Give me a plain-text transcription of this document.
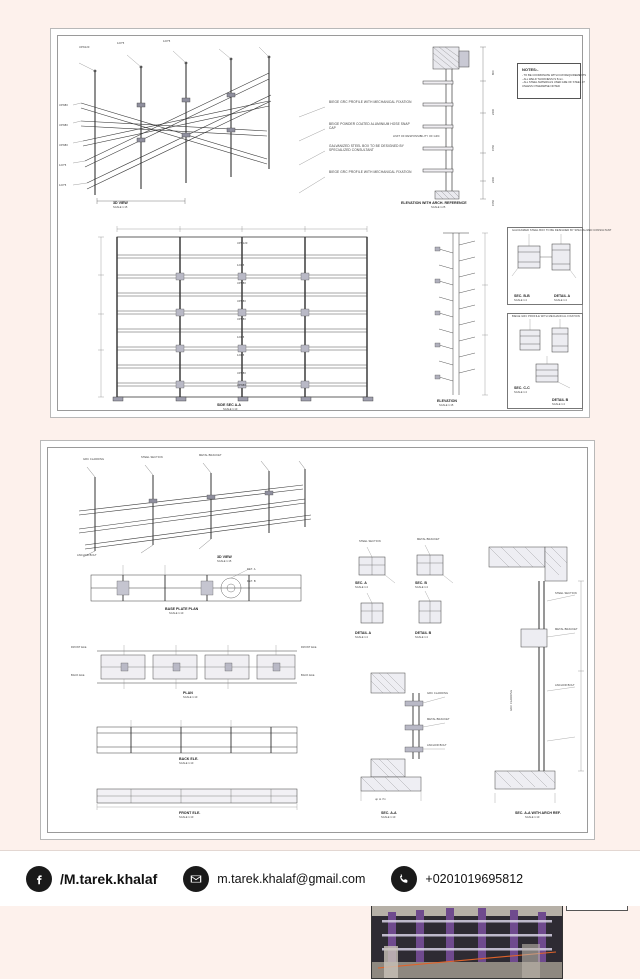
UPN120
120*5
120*5
UPN80
UPN80
UPN80
120*5
120*5
3D VIEW
SCALE 1:15
BIEGE GRC PROFILE WITH MECHANICAL FIXATION
BEIGE POWDER COATED ALUMINIUM HOSE SNAP CAP
GALVANIZED STEEL BOX TO BE DESIGNED BY SPECIALIZED CONSULTANT
BIEGE GRC PROFILE WITH MECHANICAL FIXATION
800
2400
1550
2400
1550
LIMIT OF RESPONSIBILITY OF GRC
ELEVATION WITH ARCH. REFERENCE
SCALE 1:25
NOTES:-
- TO BE COORDINATE WITH ICW REQUIREMENTS
- ALL WELD THICKNESS IS 5mm.
- ALL STEEL MATERIALS USED ARE OF STEEL 37
UNLESS OTHERWISE NOTED
UPN120
120*5
UPN80
UPN80
UPN80
120*5
120*5
UPN80
UPN80
SIDE SEC A-A
SCALE 1:10
ELEVATION
SCALE 1:15
GALVANIZED STEEL BOX TO BE DESIGNED BY SPECIALIZED CONSULTANT
SEC. B-B
SCALE 1:4
DETAIL A
SCALE 1:4
BIEGE GRC PROFILE WITH MECHANICAL FIXATION
SEC. C-C
SCALE 1:4
DETAIL B
SCALE 1:4
GRC CLADDING
STEEL SECTION
METAL BRACKET
ANCHOR BOLT	3D VIEW
SCALE 1:15
DET. A
DET. B
BASE PLATE PLAN
SCALE 1:10
FRONT ELE.
BACK ELE.
FRONT ELE.
BACK ELE.
PLAN
SCALE 1:10
BACK ELE.
SCALE 1:10
FRONT ELE.
SCALE 1:10
STEEL SECTION
METAL BRACKET
SEC. A
SCALE 1:4
SEC. B
SCALE 1:4
DETAIL A
SCALE 1:4
DETAIL B
SCALE 1:4
GRC CLADDING
METAL BRACKET
ANCHOR BOLT
up to 7m
SEC. A-A
SCALE 1:10
GRC CLADDING
STEEL SECTION
METAL BRACKET
ANCHOR BOLT
SEC. A-A WITH ARCH REF.
SCALE 1:10
/M.tarek.khalaf	m.tarek.khalaf@gmail.com	+0201019695812
